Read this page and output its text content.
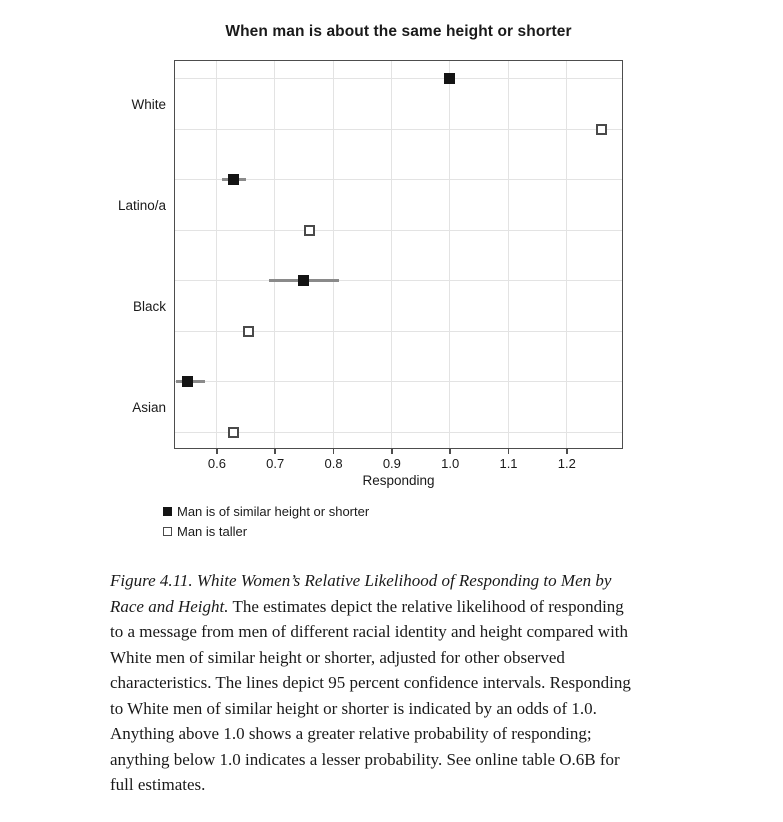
When man is about the same height or shorter
Responding
Man is of similar height or shorter
Man is taller

Figure 4.11. White Women’s Relative Likelihood of Responding to Men by Race and Height. The estimates depict the relative likelihood of responding to a message from men of different racial identity and height compared with White men of similar height or shorter, adjusted for other observed characteristics. The lines depict 95 percent confidence intervals. Responding to White men of similar height or shorter is indicated by an odds of 1.0. Anything above 1.0 shows a greater relative probability of responding; anything below 1.0 indicates a lesser probability. See online table O.6B for full estimates.

White
Latino/a
Black
Asian
0.6	0.7	0.8	0.9	1.0	1.1	1.2
